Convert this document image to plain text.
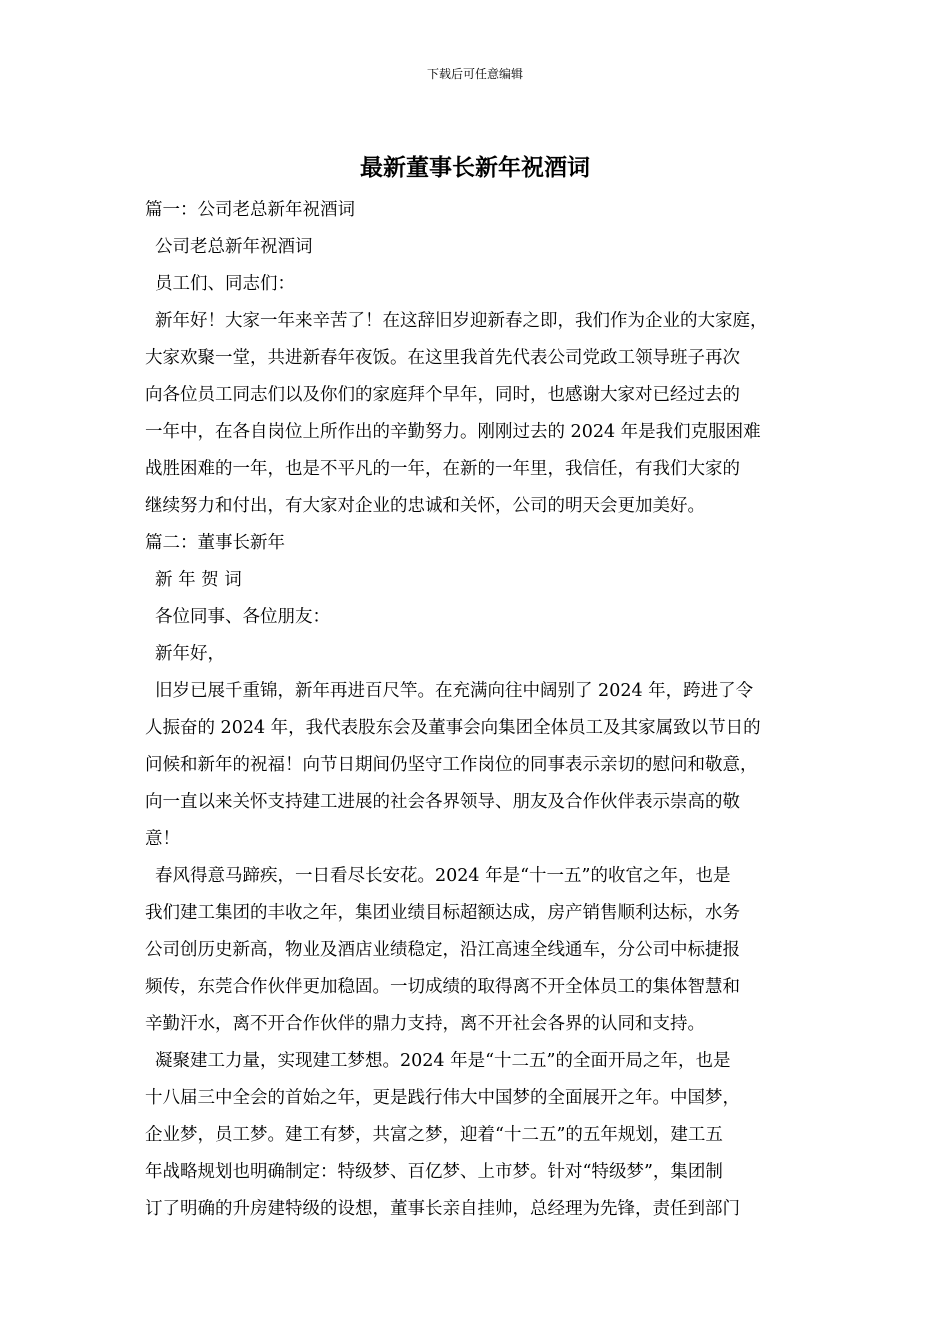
下载后可任意编辑
最新董事长新年祝酒词

篇一：公司老总新年祝酒词

公司老总新年祝酒词

员工们、同志们：

新年好！大家一年来辛苦了！在这辞旧岁迎新春之即，我们作为企业的大家庭，

大家欢聚一堂，共进新春年夜饭。在这里我首先代表公司党政工领导班子再次

向各位员工同志们以及你们的家庭拜个早年，同时，也感谢大家对已经过去的

一年中，在各自岗位上所作出的辛勤努力。刚刚过去的 2024 年是我们克服困难

战胜困难的一年，也是不平凡的一年，在新的一年里，我信任，有我们大家的

继续努力和付出，有大家对企业的忠诚和关怀，公司的明天会更加美好。

篇二：董事长新年

新 年 贺 词

各位同事、各位朋友：

新年好，

旧岁已展千重锦，新年再进百尺竿。在充满向往中阔别了 2024 年，跨进了令

人振奋的 2024 年，我代表股东会及董事会向集团全体员工及其家属致以节日的

问候和新年的祝福！向节日期间仍坚守工作岗位的同事表示亲切的慰问和敬意，

向一直以来关怀支持建工进展的社会各界领导、朋友及合作伙伴表示崇高的敬

意！

春风得意马蹄疾，一日看尽长安花。2024 年是“十一五”的收官之年，也是

我们建工集团的丰收之年，集团业绩目标超额达成，房产销售顺利达标，水务

公司创历史新高，物业及酒店业绩稳定，沿江高速全线通车，分公司中标捷报

频传，东莞合作伙伴更加稳固。一切成绩的取得离不开全体员工的集体智慧和

辛勤汗水，离不开合作伙伴的鼎力支持，离不开社会各界的认同和支持。

凝聚建工力量，实现建工梦想。2024 年是“十二五”的全面开局之年，也是

十八届三中全会的首始之年，更是践行伟大中国梦的全面展开之年。中国梦，

企业梦，员工梦。建工有梦，共富之梦，迎着“十二五”的五年规划，建工五

年战略规划也明确制定：特级梦、百亿梦、上市梦。针对“特级梦”，集团制

订了明确的升房建特级的设想，董事长亲自挂帅，总经理为先锋，责任到部门
